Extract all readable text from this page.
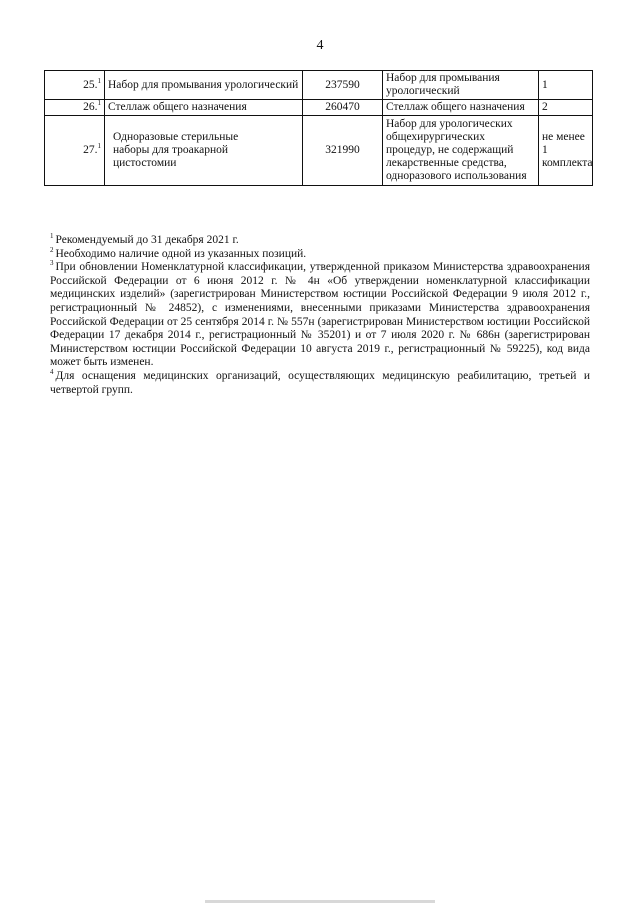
4
25.$^1$	Набор для промывания урологический	237590	Набор для промывания урологический	1
26.$^1$	Стеллаж общего назначения	260470	Стеллаж общего назначения	2
27.$^1$	Одноразовые стерильные наборы для троакарной цистостомии	321990	Набор для урологических общехирургических процедур, не содержащий лекарственные средства, одноразового использования	не менее 1 комплекта

$^1$ Рекомендуемый до 31 декабря 2021 г.

$^2$ Необходимо наличие одной из указанных позиций.

$^3$ При обновлении Номенклатурной классификации, утвержденной приказом Министерства здравоохранения Российской Федерации от 6 июня 2012 г. № 4н «Об утверждении номенклатурной классификации медицинских изделий» (зарегистрирован Министерством юстиции Российской Федерации 9 июля 2012 г., регистрационный № 24852), с изменениями, внесенными приказами Министерства здравоохранения Российской Федерации от 25 сентября 2014 г. № 557н (зарегистрирован Министерством юстиции Российской Федерации 17 декабря 2014 г., регистрационный № 35201) и от 7 июля 2020 г. № 686н (зарегистрирован Министерством юстиции Российской Федерации 10 августа 2019 г., регистрационный № 59225), код вида может быть изменен.

$^4$ Для оснащения медицинских организаций, осуществляющих медицинскую реабилитацию, третьей и четвертой групп.
